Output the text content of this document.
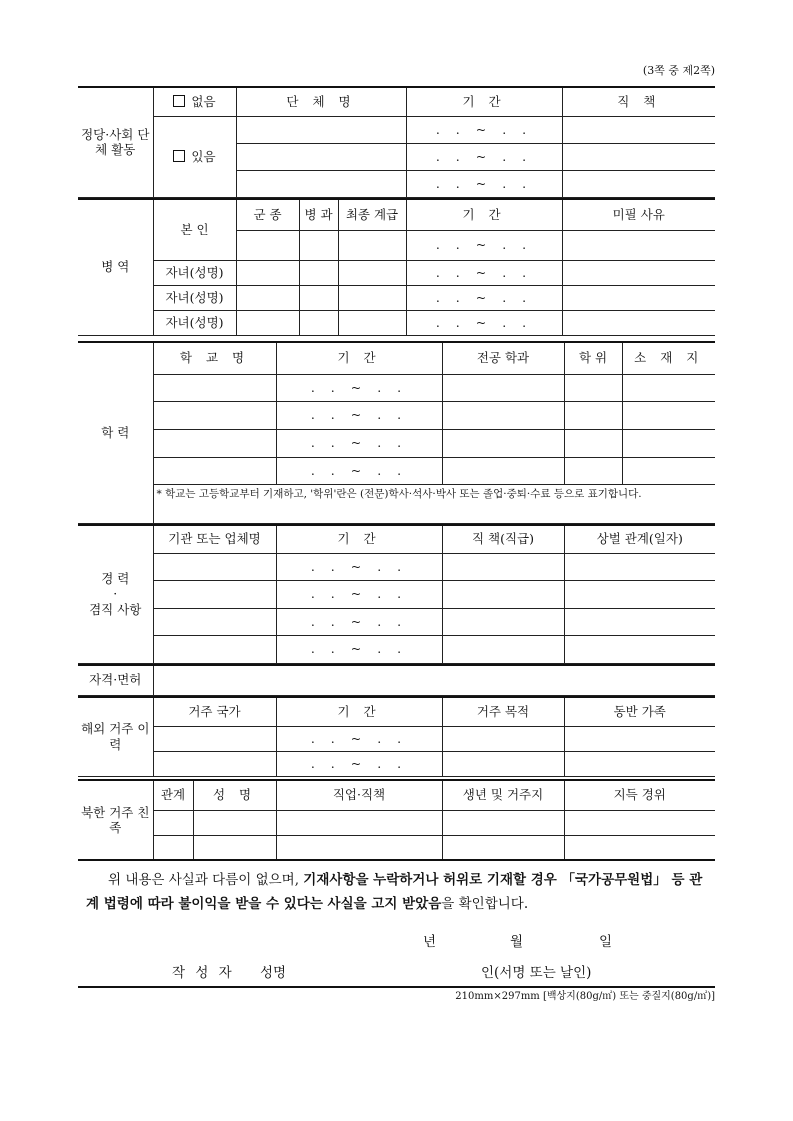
(3쪽 중 제2쪽)
정당·사회 단체 활동	없음	단 체 명	기 간	직 책
	있음		. . ~ . .	
			. . ~ . .	
			. . ~ . .	
병 역	본 인	군 종	병 과	최종 계급	기 간	미필 사유
					. . ~ . .	
	자녀(성명)				. . ~ . .	
	자녀(성명)				. . ~ . .	
	자녀(성명)				. . ~ . .	
학 력	학 교 명	기 간	전공 학과	학 위	소 재 지
		. . ~ . .			
		. . ~ . .			
		. . ~ . .			
		. . ~ . .			
	* 학교는 고등학교부터 기재하고, '학위'란은 (전문)학사·석사·박사 또는 졸업·중퇴·수료 등으로 표기합니다.				
경 력
·
겸직 사항	기관 또는 업체명	기 간	직 책(직급)	상벌 관계(일자)
		. . ~ . .		
		. . ~ . .		
		. . ~ . .		
		. . ~ . .		
자격·면허	
해외 거주 이력	거주 국가	기 간	거주 목적	동반 가족
		. . ~ . .		
		. . ~ . .		
북한 거주 친족	관계	성 명	직업·직책	생년 및 거주지	지득 경위

위 내용은 사실과 다름이 없으며, 기재사항을 누락하거나 허위로 기재할 경우 「국가공무원법」 등 관계 법령에 따라 불이익을 받을 수 있다는 사실을 고지 받았음을 확인합니다.
년	월	일
작 성 자 성명	인(서명 또는 날인)
210mm×297mm [백상지(80g/㎡) 또는 중질지(80g/㎡)]
